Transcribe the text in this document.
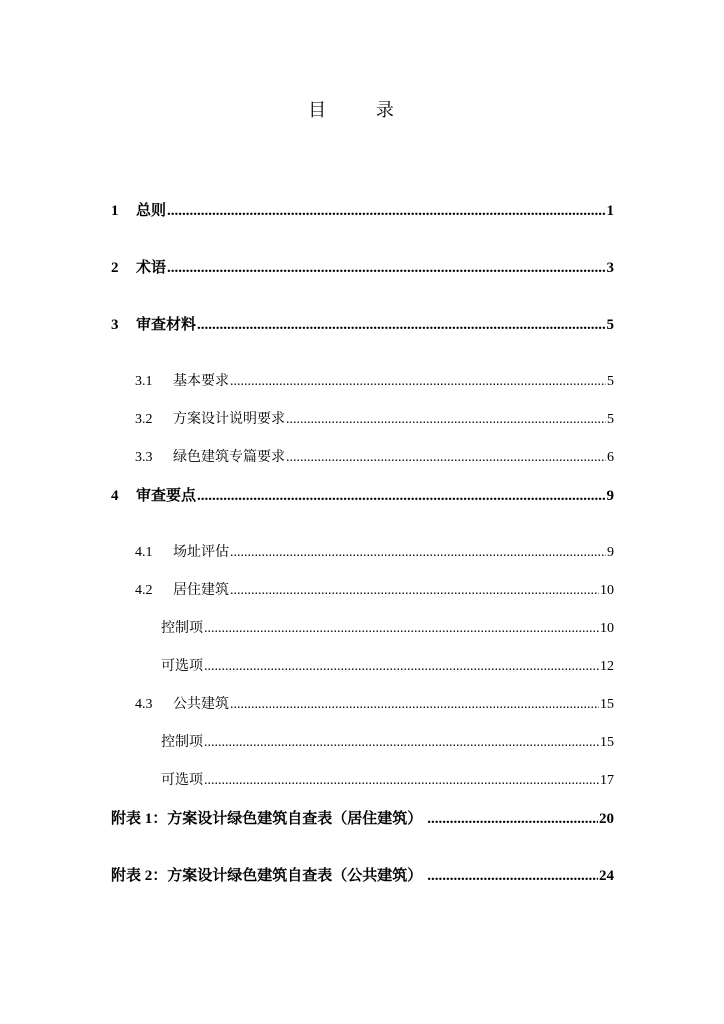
目 录
1	总则 .....	1
2	术语 .....	3
3	审查材料 .....	5
3.1	基本要求 .....	5
3.2	方案设计说明要求 .....	5
3.3	绿色建筑专篇要求 .....	6
4	审查要点 .....	9
4.1	场址评估 .....	9
4.2	居住建筑 .....	10
控制项 .....	10
可选项 .....	12
4.3	公共建筑 .....	15
控制项 .....	15
可选项 .....	17
附表 1：方案设计绿色建筑自查表（居住建筑） .....	20
附表 2：方案设计绿色建筑自查表（公共建筑） .....	24
